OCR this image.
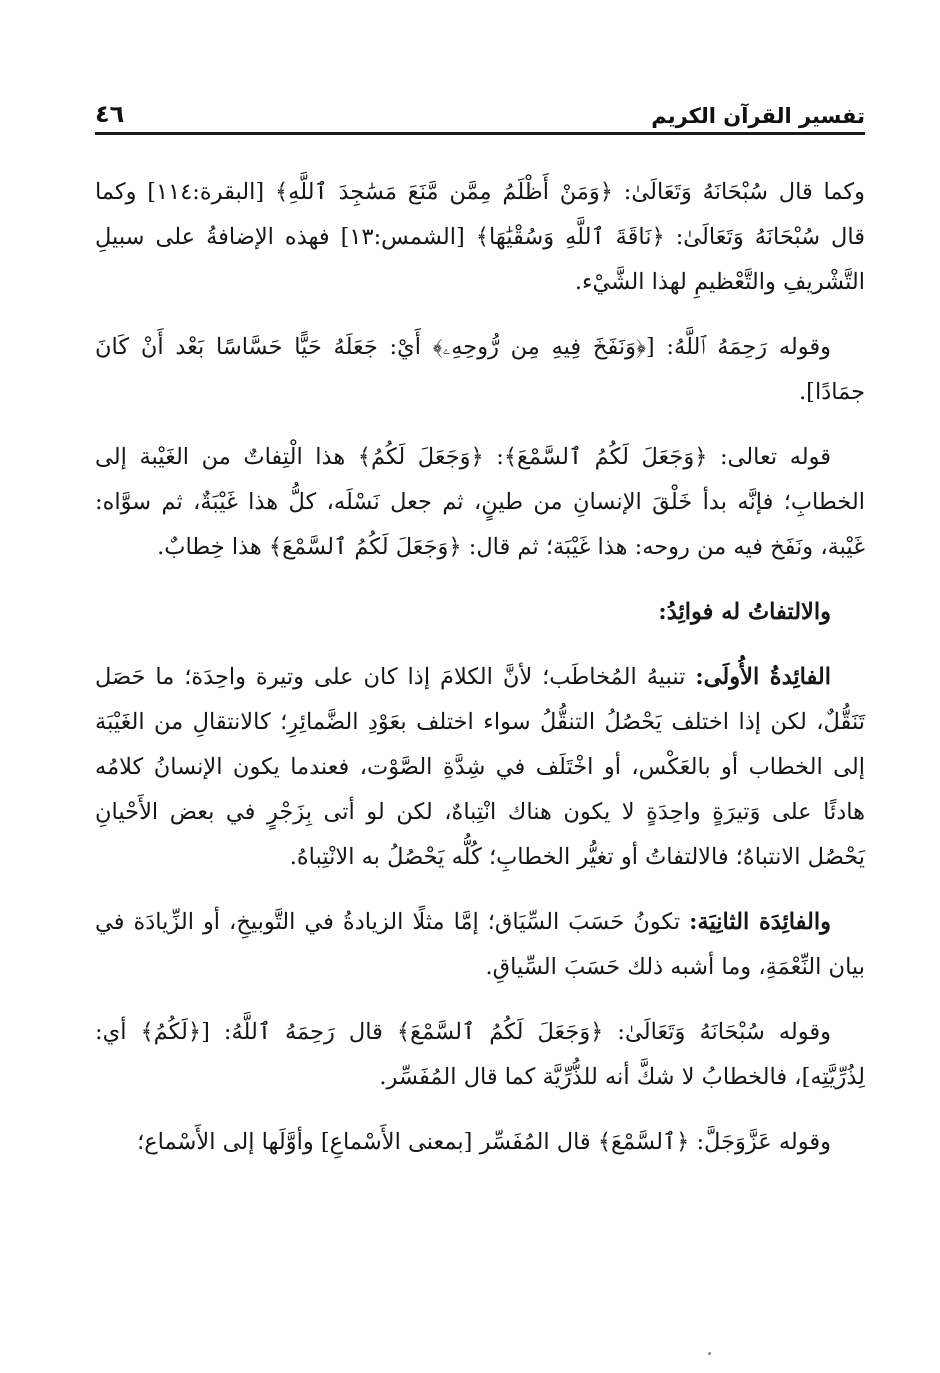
تفسير القرآن الكريم
٤٦

وكما قال سُبْحَانَهُ وَتَعَالَىٰ: ﴿وَمَنْ أَظْلَمُ مِمَّن مَّنَعَ مَسَٰجِدَ ٱللَّهِ﴾ [البقرة:١١٤] وكما قال سُبْحَانَهُ وَتَعَالَىٰ: ﴿نَاقَةَ ٱللَّهِ وَسُقْيَٰهَا﴾ [الشمس:١٣] فهذه الإضافةُ على سبيلِ التَّشْريفِ والتَّعْظيمِ لهذا الشَّيْء.

وقوله رَحِمَهُ ٱللَّهُ: [﴿وَنَفَخَ فِيهِ مِن رُّوحِهِۦ﴾ أَيْ: جَعَلَهُ حَيًّا حَسَّاسًا بَعْد أَنْ كَانَ جمَادًا].

قوله تعالى: ﴿وَجَعَلَ لَكُمُ ٱلسَّمْعَ﴾: ﴿وَجَعَلَ لَكُمُ﴾ هذا الْتِفاتٌ من الغَيْبة إلى الخطابِ؛ فإنَّه بدأ خَلْقَ الإنسانِ من طينٍ، ثم جعل نَسْلَه، كلُّ هذا غَيْبَةٌ، ثم سوَّاه: غَيْبة، ونَفَخ فيه من روحه: هذا غَيْبَة؛ ثم قال: ﴿وَجَعَلَ لَكُمُ ٱلسَّمْعَ﴾ هذا خِطابٌ.

والالتفاتُ له فوائِدُ:

الفائِدةُ الأُولَى: تنبيهُ المُخاطَب؛ لأنَّ الكلامَ إذا كان على وتيرة واحِدَة؛ ما حَصَل تَنَقُّلٌ، لكن إذا اختلف يَحْصُلُ التنقُّلُ سواء اختلف بعَوْدِ الضَّمائِرِ؛ كالانتقالِ من الغَيْبَة إلى الخطاب أو بالعَكْس، أو اخْتَلَف في شِدَّةِ الصَّوْت، فعندما يكون الإنسانُ كلامُه هادئًا على وَتيرَةٍ واحِدَةٍ لا يكون هناك انْتِباهٌ، لكن لو أتى بِزَجْرٍ في بعض الأَحْيانِ يَحْصُل الانتباهُ؛ فالالتفاتُ أو تغيُّر الخطابِ؛ كُلُّه يَحْصُلُ به الانْتِباهُ.

والفائِدَة الثانِيَة: تكونُ حَسَبَ السِّيَاق؛ إمَّا مثلًا الزيادةُ في التَّوبيخِ، أو الزِّيادَة في بيان النِّعْمَةِ، وما أشبه ذلك حَسَبَ السِّياقِ.

وقوله سُبْحَانَهُ وَتَعَالَىٰ: ﴿وَجَعَلَ لَكُمُ ٱلسَّمْعَ﴾ قال رَحِمَهُ ٱللَّهُ: [﴿لَكُمُ﴾ أي: لِذُرِّيَّتِه]، فالخطابُ لا شكَّ أنه للذُّرِّيَّة كما قال المُفَسِّر.

وقوله عَزَّوَجَلَّ: ﴿ٱلسَّمْعَ﴾ قال المُفَسِّر [بمعنى الأَسْماعِ] وأوَّلَها إلى الأَسْماع؛
